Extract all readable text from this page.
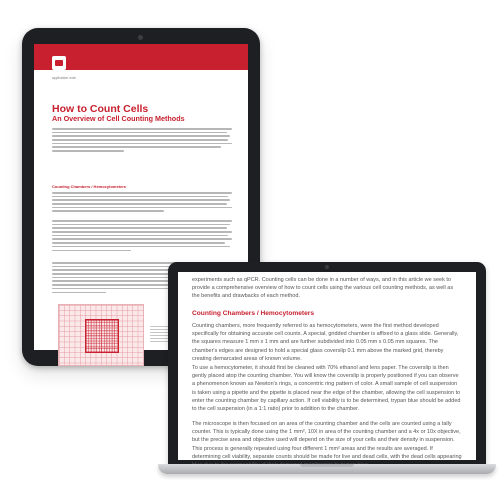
application note
How to Count Cells
An Overview of Cell Counting Methods
Counting Chambers / Hemocytometers
experiments such as qPCR. Counting cells can be done in a number of ways, and in this article we seek to provide a comprehensive overview of how to count cells using the various cell counting methods, as well as the benefits and drawbacks of each method.
Counting Chambers / Hemocytometers
Counting chambers, more frequently referred to as hemocytometers, were the first method developed specifically for obtaining accurate cell counts. A special, gridded chamber is affixed to a glass slide. Generally, the squares measure 1 mm x 1 mm and are further subdivided into 0.05 mm x 0.05 mm squares. The chamber's edges are designed to hold a special glass coverslip 0.1 mm above the marked grid, thereby creating demarcated areas of known volume.
To use a hemocytometer, it should first be cleaned with 70% ethanol and lens paper. The coverslip is then gently placed atop the counting chamber. You will know the coverslip is properly positioned if you can observe a phenomenon known as Newton's rings, a concentric ring pattern of color. A small sample of cell suspension is taken using a pipette and the pipette is placed near the edge of the chamber, allowing the cell suspension to enter the counting chamber by capillary action. If cell viability is to be determined, trypan blue should be added to the cell suspension (in a 1:1 ratio) prior to addition to the chamber.
The microscope is then focused on an area of the counting chamber and the cells are counted using a tally counter. This is typically done using the 1 mm², 10X in area of the counting chamber and a 4x or 10x objective, but the precise area and objective used will depend on the size of your cells and their density in suspension. This process is generally repeated using four different 1 mm² areas and the results are averaged. If determining cell viability, separate counts should be made for live and dead cells, with the dead cells appearing
